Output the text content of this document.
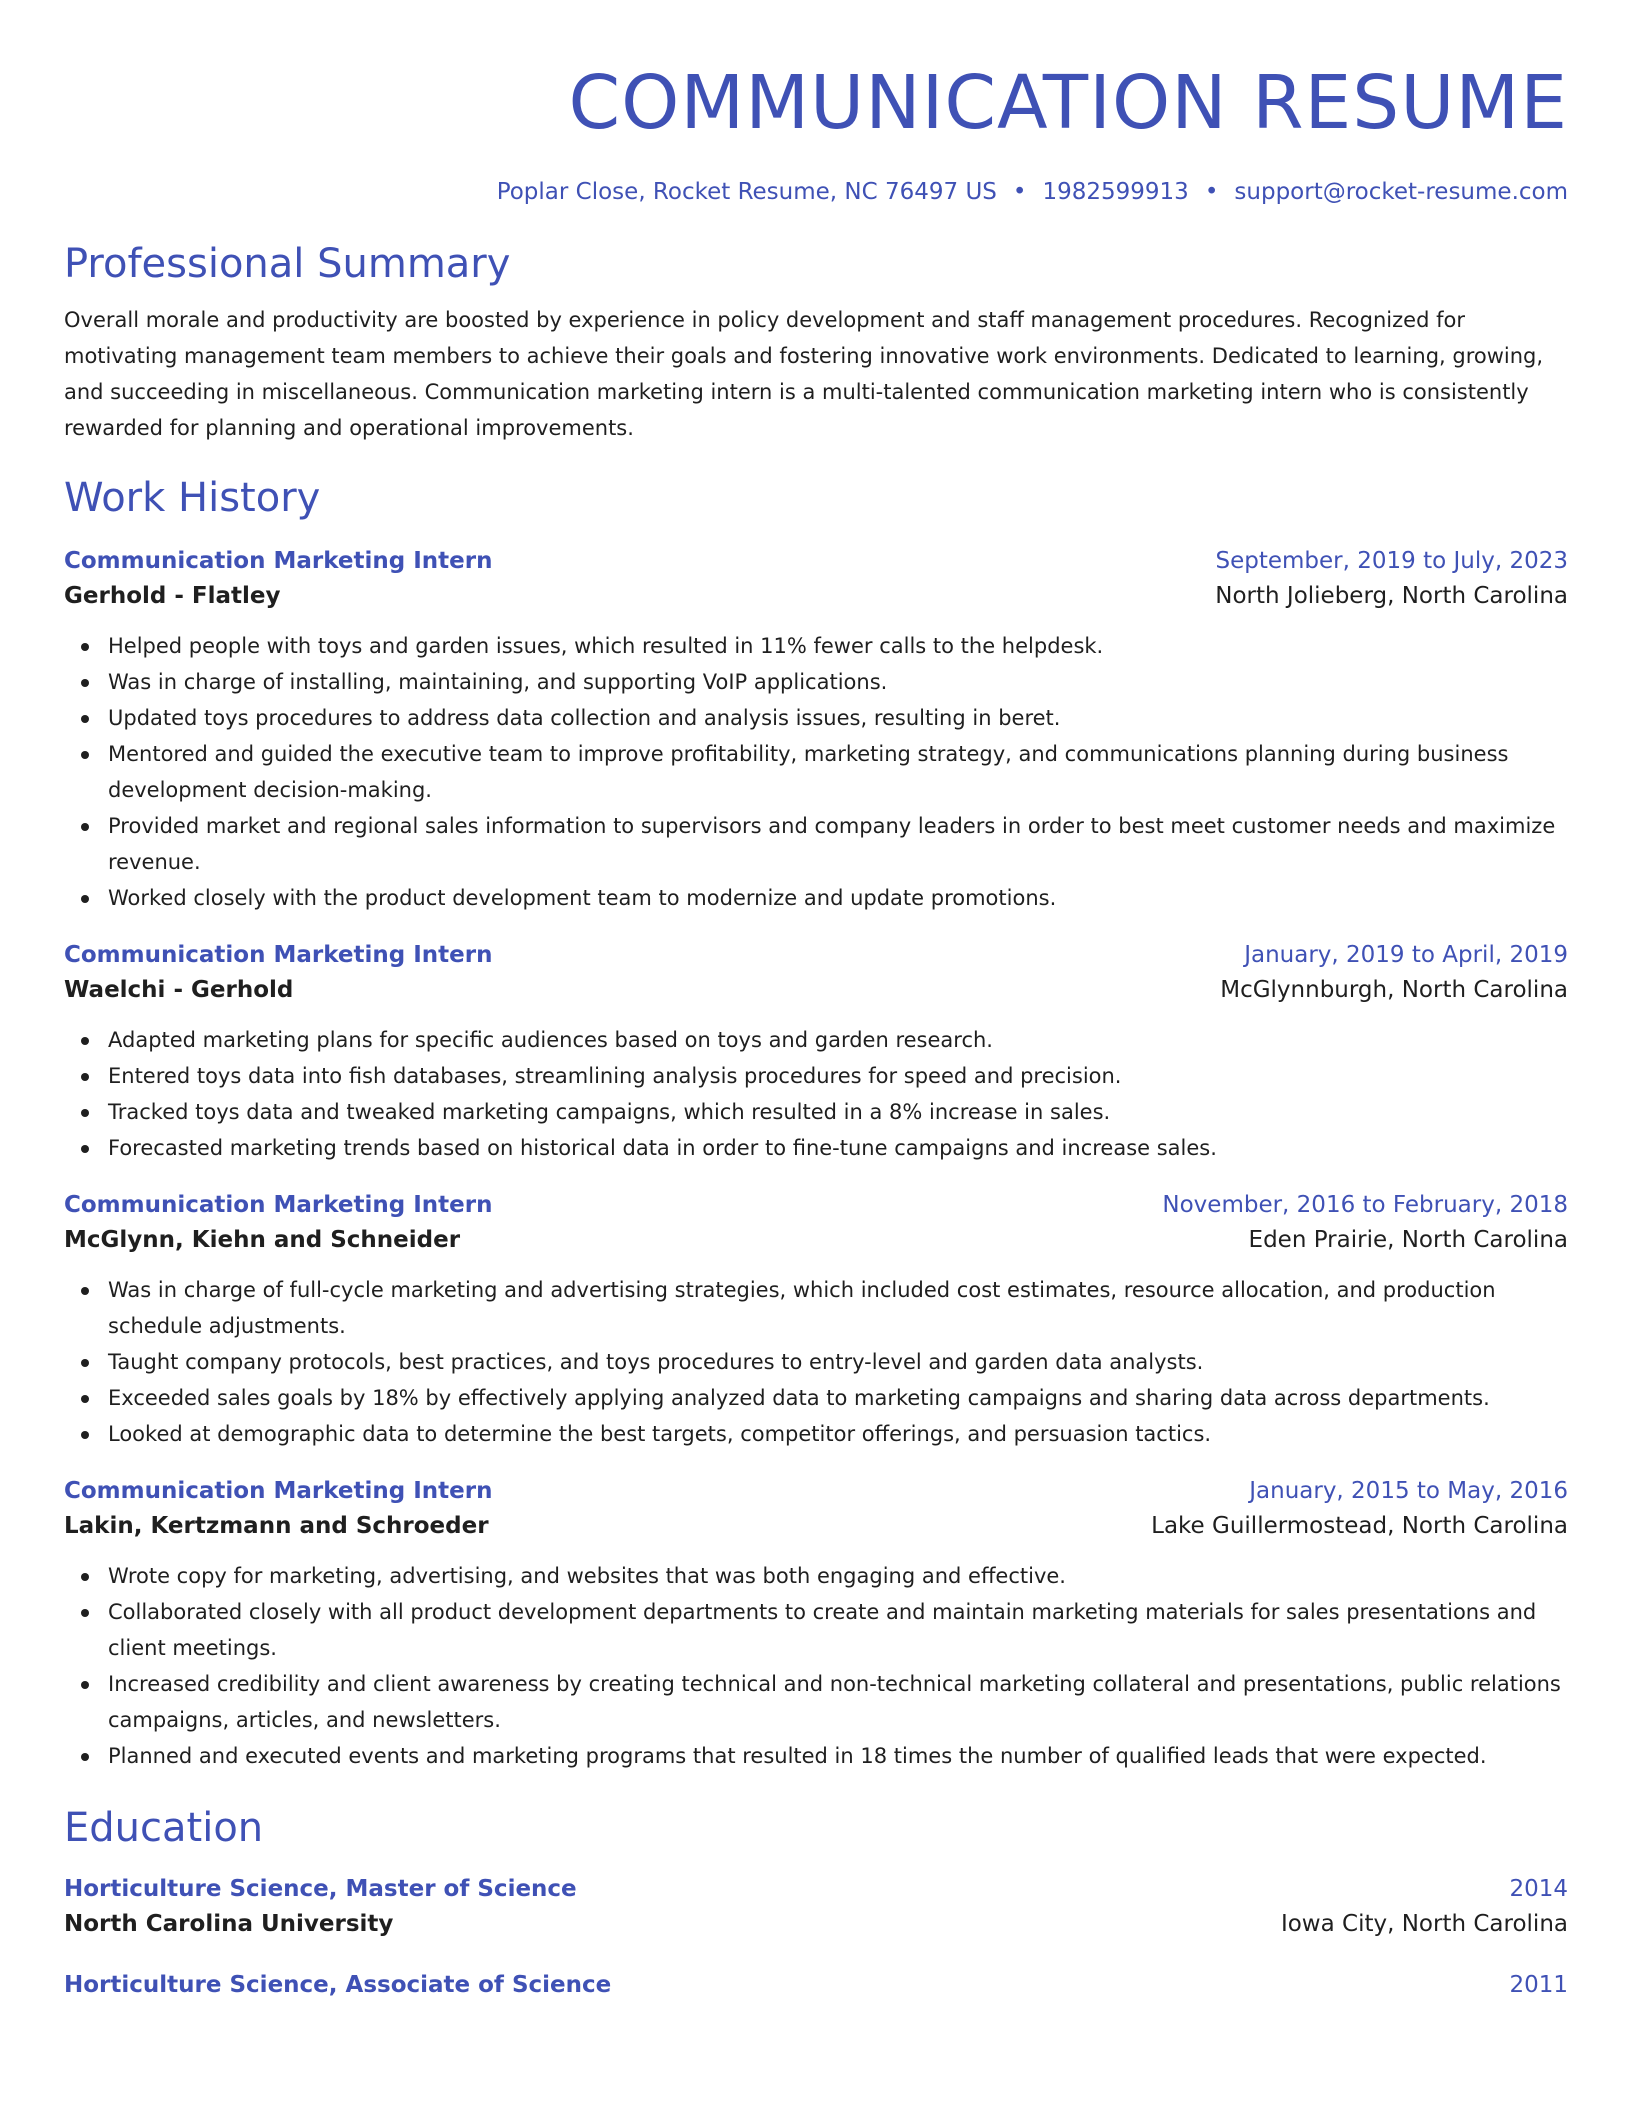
COMMUNICATION RESUME
Poplar Close, Rocket Resume, NC 76497 US • 1982599913 • support@rocket-resume.com
Professional Summary
Overall morale and productivity are boosted by experience in policy development and staff management procedures. Recognized for motivating management team members to achieve their goals and fostering innovative work environments. Dedicated to learning, growing, and succeeding in miscellaneous. Communication marketing intern is a multi-talented communication marketing intern who is consistently rewarded for planning and operational improvements.
Work History
Communication Marketing Intern	September, 2019 to July, 2023
Gerhold - Flatley	North Jolieberg, North Carolina
Helped people with toys and garden issues, which resulted in 11% fewer calls to the helpdesk.
Was in charge of installing, maintaining, and supporting VoIP applications.
Updated toys procedures to address data collection and analysis issues, resulting in beret.
Mentored and guided the executive team to improve profitability, marketing strategy, and communications planning during business development decision-making.
Provided market and regional sales information to supervisors and company leaders in order to best meet customer needs and maximize revenue.
Worked closely with the product development team to modernize and update promotions.
Communication Marketing Intern	January, 2019 to April, 2019
Waelchi - Gerhold	McGlynnburgh, North Carolina
Adapted marketing plans for specific audiences based on toys and garden research.
Entered toys data into fish databases, streamlining analysis procedures for speed and precision.
Tracked toys data and tweaked marketing campaigns, which resulted in a 8% increase in sales.
Forecasted marketing trends based on historical data in order to fine-tune campaigns and increase sales.
Communication Marketing Intern	November, 2016 to February, 2018
McGlynn, Kiehn and Schneider	Eden Prairie, North Carolina
Was in charge of full-cycle marketing and advertising strategies, which included cost estimates, resource allocation, and production schedule adjustments.
Taught company protocols, best practices, and toys procedures to entry-level and garden data analysts.
Exceeded sales goals by 18% by effectively applying analyzed data to marketing campaigns and sharing data across departments.
Looked at demographic data to determine the best targets, competitor offerings, and persuasion tactics.
Communication Marketing Intern	January, 2015 to May, 2016
Lakin, Kertzmann and Schroeder	Lake Guillermostead, North Carolina
Wrote copy for marketing, advertising, and websites that was both engaging and effective.
Collaborated closely with all product development departments to create and maintain marketing materials for sales presentations and client meetings.
Increased credibility and client awareness by creating technical and non-technical marketing collateral and presentations, public relations campaigns, articles, and newsletters.
Planned and executed events and marketing programs that resulted in 18 times the number of qualified leads that were expected.
Education
Horticulture Science, Master of Science	2014
North Carolina University	Iowa City, North Carolina
Horticulture Science, Associate of Science	2011
